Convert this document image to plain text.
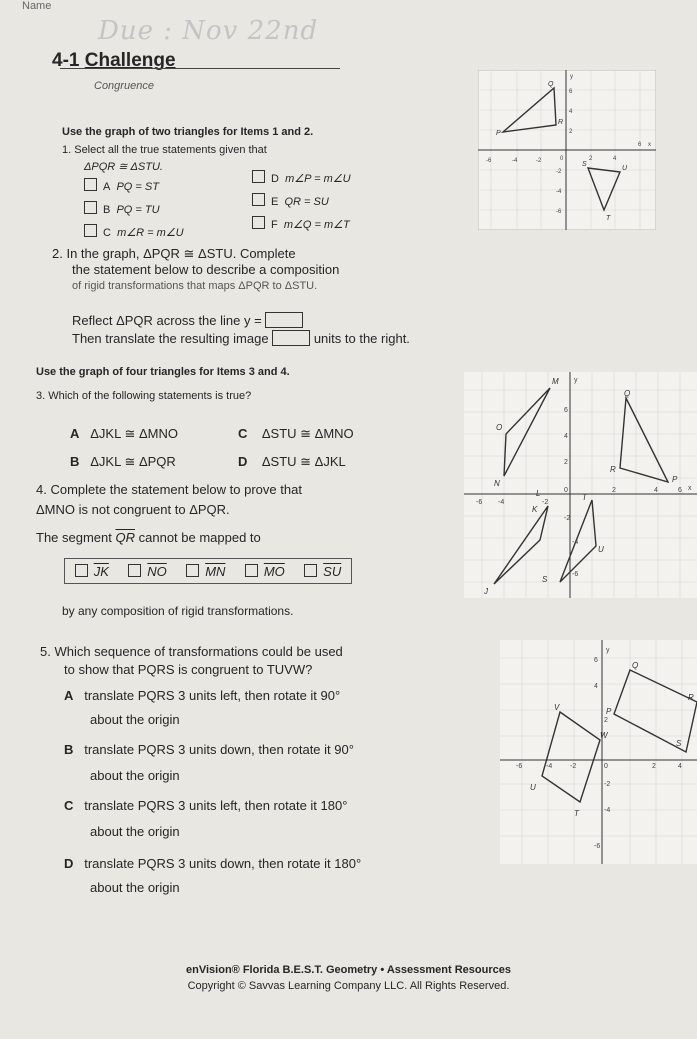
Name
Due : Nov 22nd
4-1 Challenge
Congruence
Use the graph of two triangles for Items 1 and 2.
1. Select all the true statements given that
ΔPQR ≅ ΔSTU.
A PQ = ST
B PQ = TU
C m∠R = m∠U
D m∠P = m∠U
E QR = SU
F m∠Q = m∠T
2. In the graph, ΔPQR ≅ ΔSTU. Complete
the statement below to describe a composition
of rigid transformations that maps ΔPQR to ΔSTU.
Reflect ΔPQR across the line y =
Then translate the resulting image	units to the right.
Use the graph of four triangles for Items 3 and 4.
3. Which of the following statements is true?
A ΔJKL ≅ ΔMNO
B ΔJKL ≅ ΔPQR
C ΔSTU ≅ ΔMNO
D ΔSTU ≅ ΔJKL
4. Complete the statement below to prove that
ΔMNO is not congruent to ΔPQR.
The segment $\overline{QR}$ cannot be mapped to
$\overline{JK}$	$\overline{NO}$	$\overline{MN}$	$\overline{MO}$	$\overline{SU}$
by any composition of rigid transformations.
5. Which sequence of transformations could be used
to show that PQRS is congruent to TUVW?
A translate PQRS 3 units left, then rotate it 90°
about the origin
B translate PQRS 3 units down, then rotate it 90°
about the origin
C translate PQRS 3 units left, then rotate it 180°
about the origin
D translate PQRS 3 units down, then rotate it 180°
about the origin
enVision® Florida B.E.S.T. Geometry • Assessment Resources
Copyright © Savvas Learning Company LLC. All Rights Reserved.
-6	-4	-2	0	2	4
6
6
4
2
-2
-4
-6
y
x
Q
R
P
S
T
U
-6 -4	-2
0	2	4	6
6
4
2
-2
-4
-6
y
x
M
Q
O
R
P
N
L
K
J
T
S
U
-6	-4	-2	0	2	4
6
4
2
-2
-4
-6
y
Q
P
R
S
V
W
U
T
